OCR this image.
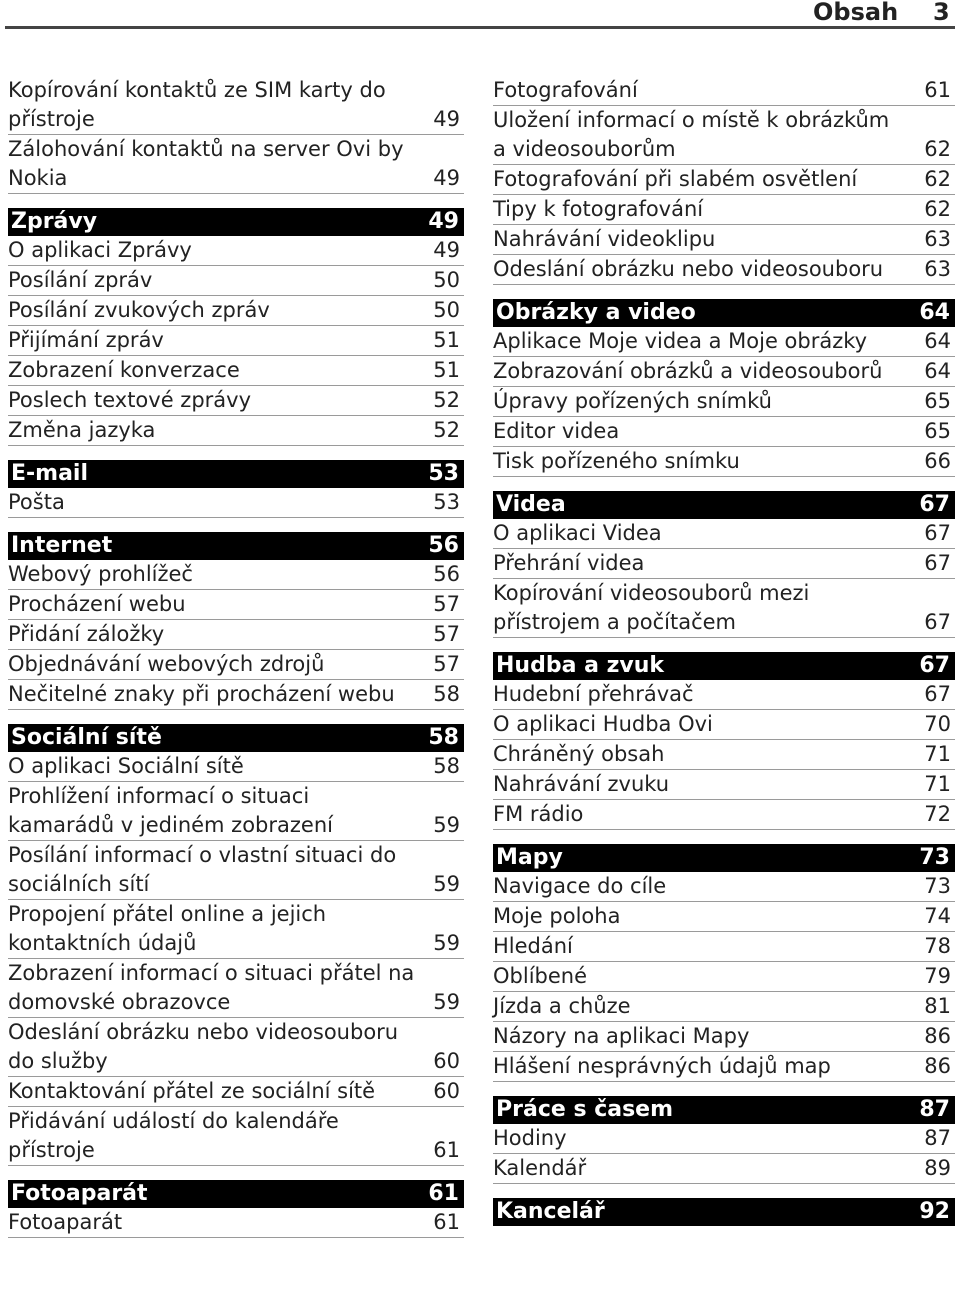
Obsah 3
Kopírování kontaktů ze SIM karty do
přístroje	49
Zálohování kontaktů na server Ovi by
Nokia	49
Zprávy	49
O aplikaci Zprávy	49
Posílání zpráv	50
Posílání zvukových zpráv	50
Přijímání zpráv	51
Zobrazení konverzace	51
Poslech textové zprávy	52
Změna jazyka	52
E-mail	53
Pošta	53
Internet	56
Webový prohlížeč	56
Procházení webu	57
Přidání záložky	57
Objednávání webových zdrojů	57
Nečitelné znaky při procházení webu	58
Sociální sítě	58
O aplikaci Sociální sítě	58
Prohlížení informací o situaci
kamarádů v jediném zobrazení	59
Posílání informací o vlastní situaci do
sociálních sítí	59
Propojení přátel online a jejich
kontaktních údajů	59
Zobrazení informací o situaci přátel na
domovské obrazovce	59
Odeslání obrázku nebo videosouboru
do služby	60
Kontaktování přátel ze sociální sítě	60
Přidávání událostí do kalendáře
přístroje	61
Fotoaparát	61
Fotoaparát	61
Fotografování	61
Uložení informací o místě k obrázkům
a videosouborům	62
Fotografování při slabém osvětlení	62
Tipy k fotografování	62
Nahrávání videoklipu	63
Odeslání obrázku nebo videosouboru	63
Obrázky a video	64
Aplikace Moje videa a Moje obrázky	64
Zobrazování obrázků a videosouborů	64
Úpravy pořízených snímků	65
Editor videa	65
Tisk pořízeného snímku	66
Videa	67
O aplikaci Videa	67
Přehrání videa	67
Kopírování videosouborů mezi
přístrojem a počítačem	67
Hudba a zvuk	67
Hudební přehrávač	67
O aplikaci Hudba Ovi	70
Chráněný obsah	71
Nahrávání zvuku	71
FM rádio	72
Mapy	73
Navigace do cíle	73
Moje poloha	74
Hledání	78
Oblíbené	79
Jízda a chůze	81
Názory na aplikaci Mapy	86
Hlášení nesprávných údajů map	86
Práce s časem	87
Hodiny	87
Kalendář	89
Kancelář	92
